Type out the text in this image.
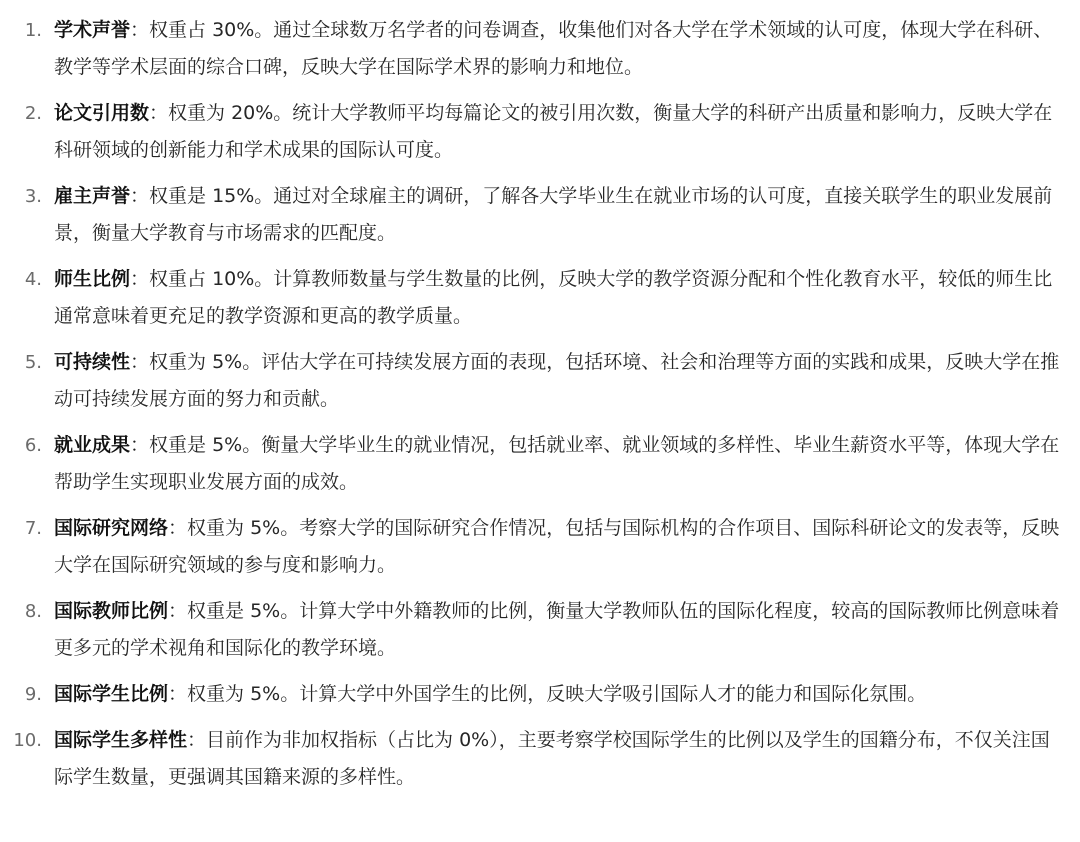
1. 学术声誉：权重占 30%。通过全球数万名学者的问卷调查，收集他们对各大学在学术领域的认可度，体现大学在科研、教学等学术层面的综合口碑，反映大学在国际学术界的影响力和地位。
2. 论文引用数：权重为 20%。统计大学教师平均每篇论文的被引用次数，衡量大学的科研产出质量和影响力，反映大学在科研领域的创新能力和学术成果的国际认可度。
3. 雇主声誉：权重是 15%。通过对全球雇主的调研，了解各大学毕业生在就业市场的认可度，直接关联学生的职业发展前景，衡量大学教育与市场需求的匹配度。
4. 师生比例：权重占 10%。计算教师数量与学生数量的比例，反映大学的教学资源分配和个性化教育水平，较低的师生比通常意味着更充足的教学资源和更高的教学质量。
5. 可持续性：权重为 5%。评估大学在可持续发展方面的表现，包括环境、社会和治理等方面的实践和成果，反映大学在推动可持续发展方面的努力和贡献。
6. 就业成果：权重是 5%。衡量大学毕业生的就业情况，包括就业率、就业领域的多样性、毕业生薪资水平等，体现大学在帮助学生实现职业发展方面的成效。
7. 国际研究网络：权重为 5%。考察大学的国际研究合作情况，包括与国际机构的合作项目、国际科研论文的发表等，反映大学在国际研究领域的参与度和影响力。
8. 国际教师比例：权重是 5%。计算大学中外籍教师的比例，衡量大学教师队伍的国际化程度，较高的国际教师比例意味着更多元的学术视角和国际化的教学环境。
9. 国际学生比例：权重为 5%。计算大学中外国学生的比例，反映大学吸引国际人才的能力和国际化氛围。
10. 国际学生多样性：目前作为非加权指标（占比为 0%），主要考察学校国际学生的比例以及学生的国籍分布，不仅关注国际学生数量，更强调其国籍来源的多样性。
